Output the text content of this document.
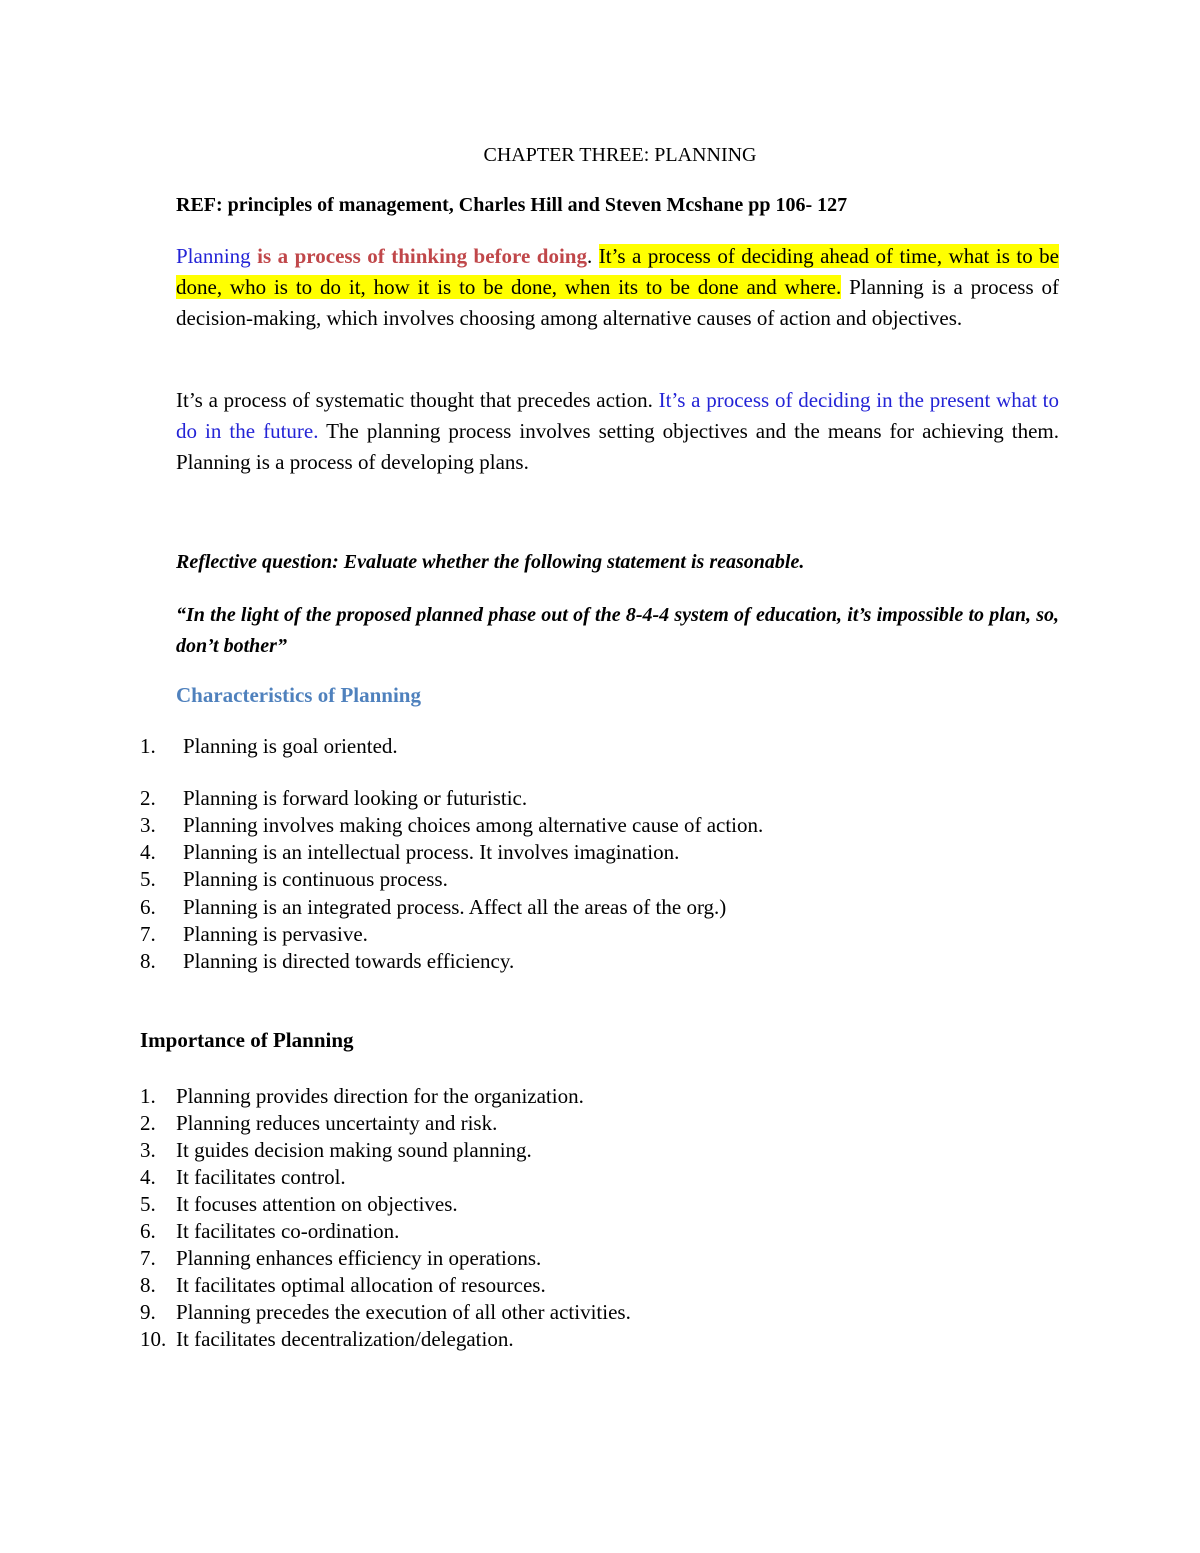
CHAPTER THREE: PLANNING
REF: principles of management, Charles Hill and Steven Mcshane pp 106- 127
Planning is a process of thinking before doing. It’s a process of deciding ahead of time, what is to be done, who is to do it, how it is to be done, when its to be done and where. Planning is a process of decision-making, which involves choosing among alternative causes of action and objectives.
It’s a process of systematic thought that precedes action. It’s a process of deciding in the present what to do in the future. The planning process involves setting objectives and the means for achieving them. Planning is a process of developing plans.
Reflective question: Evaluate whether the following statement is reasonable.
“In the light of the proposed planned phase out of the 8-4-4 system of education, it’s impossible to plan, so, don’t bother”
Characteristics of Planning
1. Planning is goal oriented.
2. Planning is forward looking or futuristic.
3. Planning involves making choices among alternative cause of action.
4. Planning is an intellectual process. It involves imagination.
5. Planning is continuous process.
6. Planning is an integrated process. Affect all the areas of the org.)
7. Planning is pervasive.
8. Planning is directed towards efficiency.
Importance of Planning
1. Planning provides direction for the organization.
2. Planning reduces uncertainty and risk.
3. It guides decision making sound planning.
4. It facilitates control.
5. It focuses attention on objectives.
6. It facilitates co-ordination.
7. Planning enhances efficiency in operations.
8. It facilitates optimal allocation of resources.
9. Planning precedes the execution of all other activities.
10. It facilitates decentralization/delegation.
